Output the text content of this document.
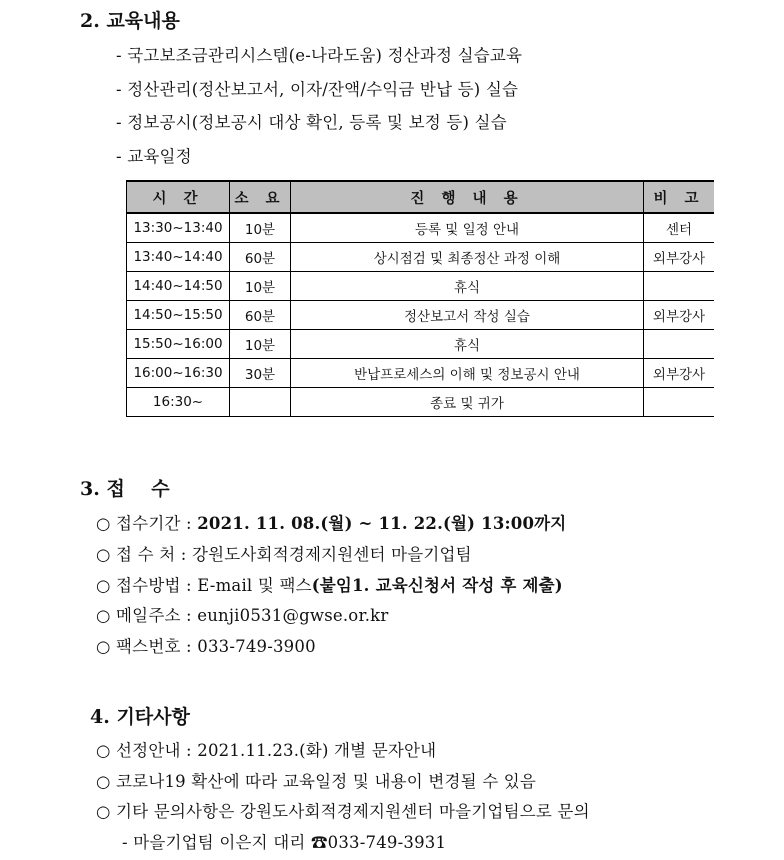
2. 교육내용
- 국고보조금관리시스템(e-나라도움) 정산과정 실습교육
- 정산관리(정산보고서, 이자/잔액/수익금 반납 등) 실습
- 정보공시(정보공시 대상 확인, 등록 및 보정 등) 실습
- 교육일정
시 간	소 요	진 행 내 용	비 고
13:30~13:40	10분	등록 및 일정 안내	센터
13:40~14:40	60분	상시점검 및 최종정산 과정 이해	외부강사
14:40~14:50	10분	휴식	
14:50~15:50	60분	정산보고서 작성 실습	외부강사
15:50~16:00	10분	휴식	
16:00~16:30	30분	반납프로세스의 이해 및 정보공시 안내	외부강사
16:30~		종료 및 귀가	
3. 접    수
○ 접수기간 : 2021. 11. 08.(월) ~ 11. 22.(월) 13:00까지
○ 접 수 처 : 강원도사회적경제지원센터 마을기업팀
○ 접수방법 : E-mail 및 팩스(붙임1. 교육신청서 작성 후 제출)
○ 메일주소 : eunji0531@gwse.or.kr
○ 팩스번호 : 033-749-3900
4. 기타사항
○ 선정안내 : 2021.11.23.(화) 개별 문자안내
○ 코로나19 확산에 따라 교육일정 및 내용이 변경될 수 있음
○ 기타 문의사항은 강원도사회적경제지원센터 마을기업팀으로 문의
- 마을기업팀 이은지 대리 ☎033-749-3931
